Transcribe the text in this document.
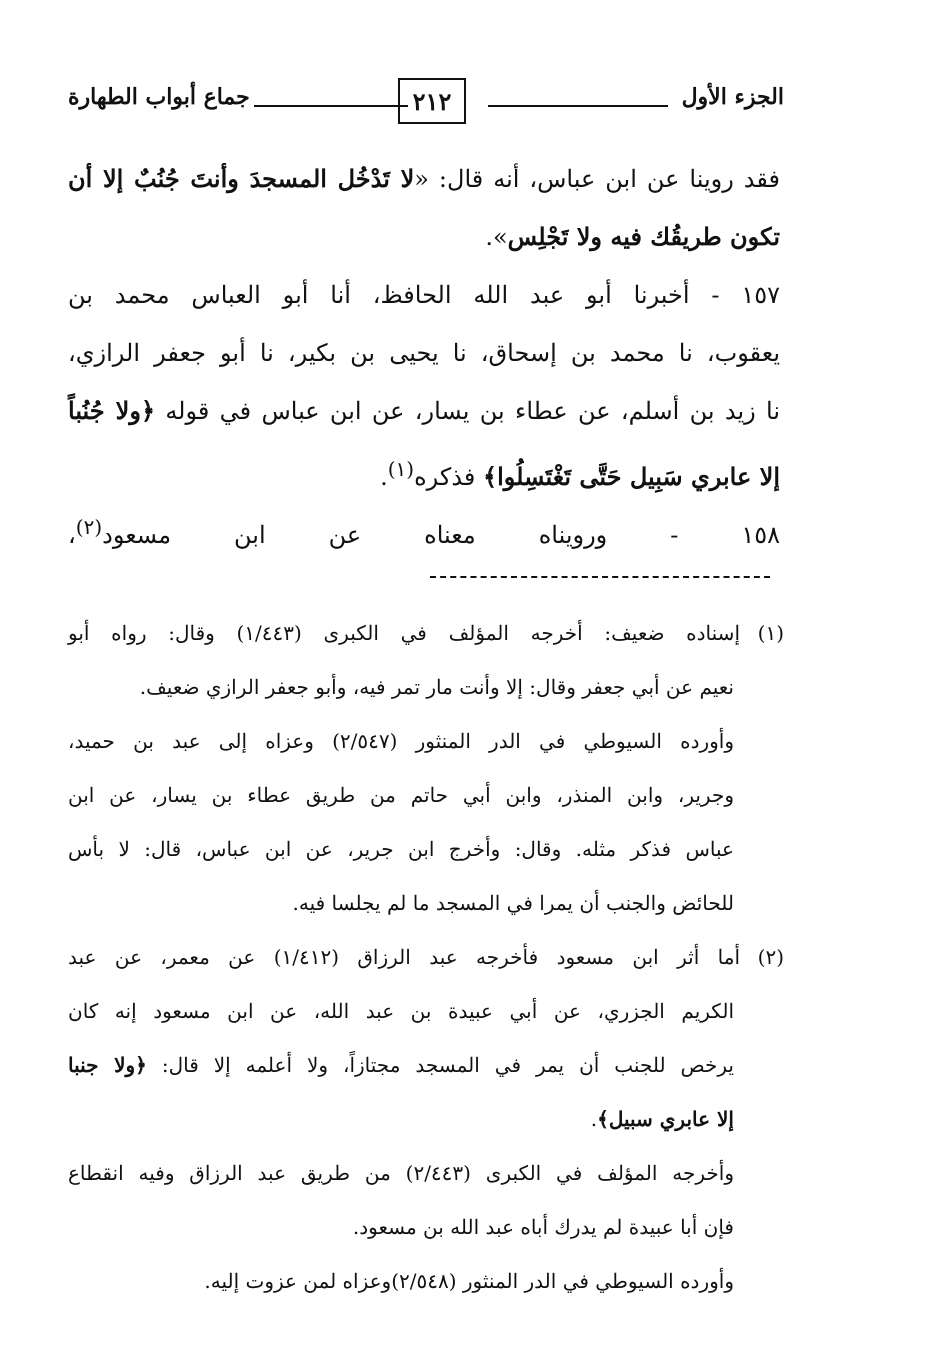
الجزء الأول
٢١٢
جماع أبواب الطهارة
فقد روينا عن ابن عباس، أنه قال: «لا تَدْخُل المسجدَ وأنتَ جُنُبٌ إلا أن
تكون طريقُك فيه ولا تَجْلِس».
١٥٧ - أخبرنا أبو عبد الله الحافظ، أنا أبو العباس محمد بن
يعقوب، نا محمد بن إسحاق، نا يحيى بن بكير، نا أبو جعفر الرازي،
نا زيد بن أسلم، عن عطاء بن يسار، عن ابن عباس في قوله ﴿ولا جُنُباً
إلا عابري سَبِيل حَتَّى تَغْتَسِلُوا﴾ فذكره$^{(١)}$.
١٥٨ - ورويناه معناه عن ابن مسعود$^{(٢)}$،
(١)إسناده ضعيف: أخرجه المؤلف في الكبرى (١/٤٤٣) وقال: رواه أبو
نعيم عن أبي جعفر وقال: إلا وأنت مار تمر فيه، وأبو جعفر الرازي ضعيف.
وأورده السيوطي في الدر المنثور (٢/٥٤٧) وعزاه إلى عبد بن حميد،
وجرير، وابن المنذر، وابن أبي حاتم من طريق عطاء بن يسار، عن ابن
عباس فذكر مثله. وقال: وأخرج ابن جرير، عن ابن عباس، قال: لا بأس
للحائض والجنب أن يمرا في المسجد ما لم يجلسا فيه.
(٢)أما أثر ابن مسعود فأخرجه عبد الرزاق (١/٤١٢) عن معمر، عن عبد
الكريم الجزري، عن أبي عبيدة بن عبد الله، عن ابن مسعود إنه كان
يرخص للجنب أن يمر في المسجد مجتازاً، ولا أعلمه إلا قال: ﴿ولا جنبا
إلا عابري سبيل﴾.
وأخرجه المؤلف في الكبرى (٢/٤٤٣) من طريق عبد الرزاق وفيه انقطاع
فإن أبا عبيدة لم يدرك أباه عبد الله بن مسعود.
وأورده السيوطي في الدر المنثور (٢/٥٤٨)وعزاه لمن عزوت إليه.
